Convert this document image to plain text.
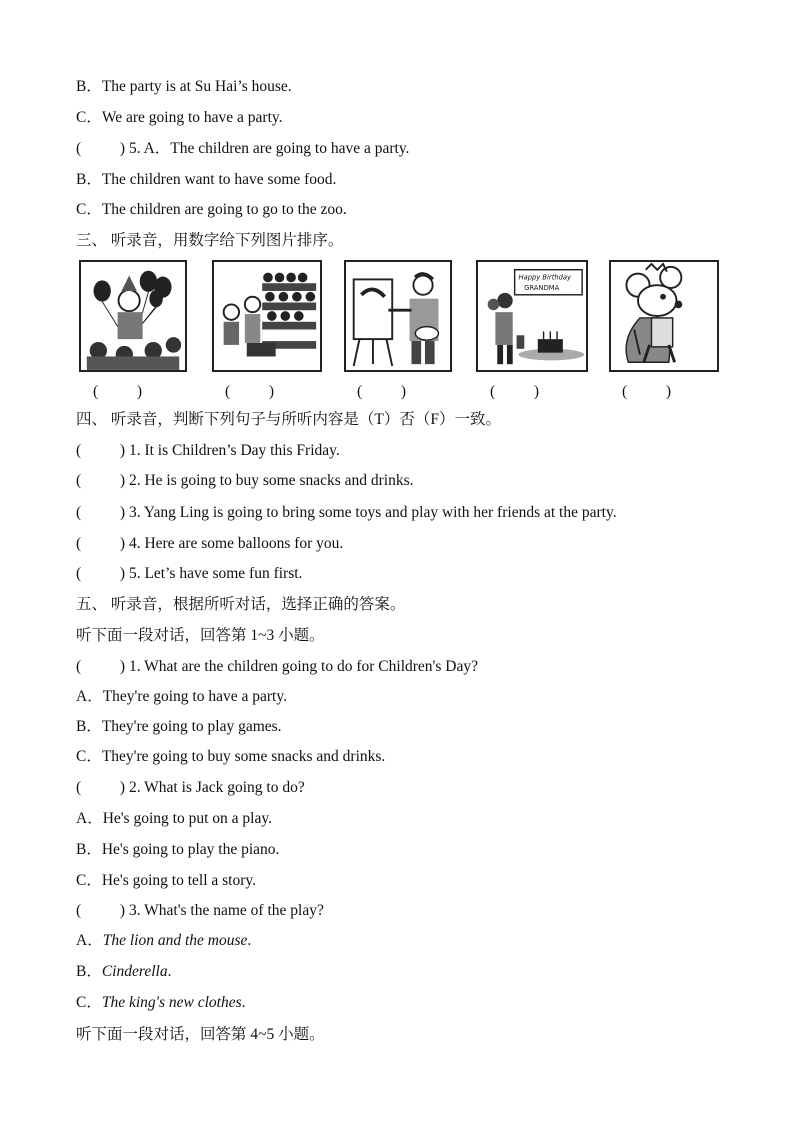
B．The party is at Su Hai’s house.
C．We are going to have a party.
(          ) 5. A．The children are going to have a party.
B．The children want to have some food.
C．The children are going to go to the zoo.
三、 听录音，用数字给下列图片排序。
Happy Birthday
GRANDMA
(          )	(          )	(          )	(          )	(          )
四、 听录音，判断下列句子与所听内容是（T）否（F）一致。
(          ) 1. It is Children’s Day this Friday.
(          ) 2. He is going to buy some snacks and drinks.
(          ) 3. Yang Ling is going to bring some toys and play with her friends at the party.
(          ) 4. Here are some balloons for you.
(          ) 5. Let’s have some fun first.
五、 听录音，根据所听对话，选择正确的答案。
听下面一段对话，回答第 1~3 小题。
(          ) 1. What are the children going to do for Children's Day?
A．They're going to have a party.
B．They're going to play games.
C．They're going to buy some snacks and drinks.
(          ) 2. What is Jack going to do?
A．He's going to put on a play.
B．He's going to play the piano.
C．He's going to tell a story.
(          ) 3. What's the name of the play?
A．The lion and the mouse.
B．Cinderella.
C．The king's new clothes.
听下面一段对话，回答第 4~5 小题。
